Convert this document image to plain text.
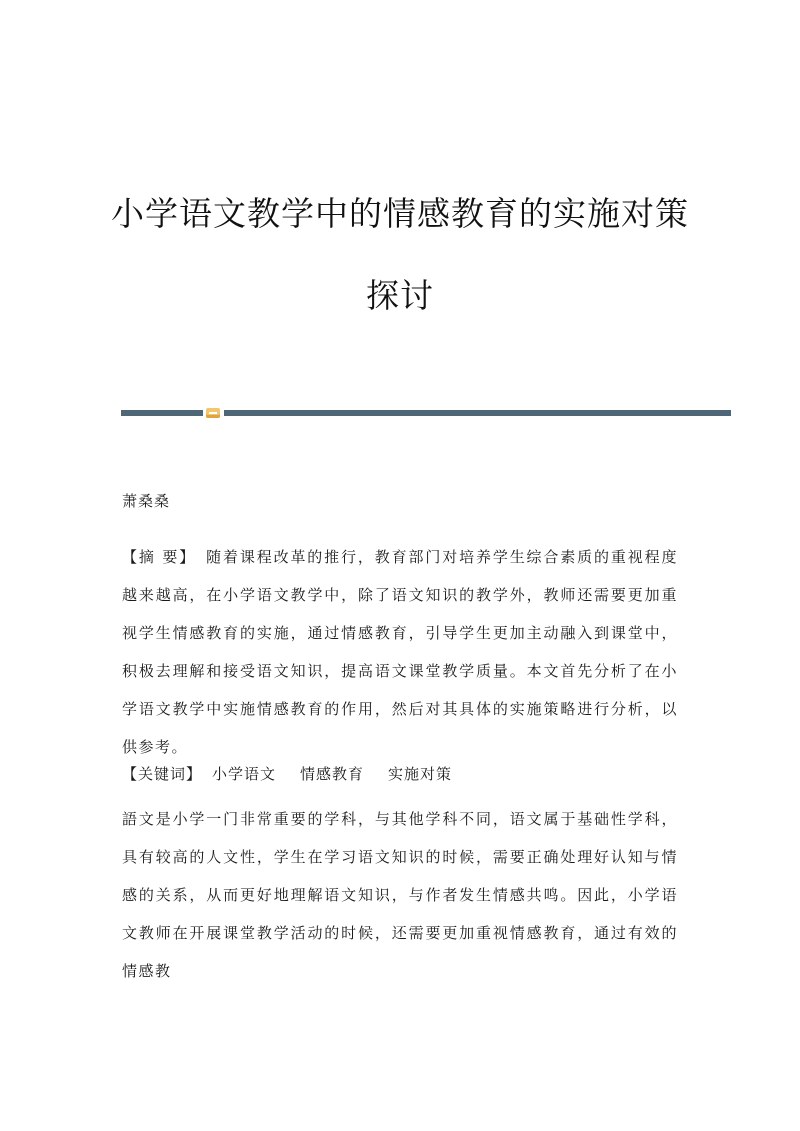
小学语文教学中的情感教育的实施对策
探讨

萧桑桑

【摘 要】 随着课程改革的推行，教育部门对培养学生综合素质的重视程度越来越高，在小学语文教学中，除了语文知识的教学外，教师还需要更加重视学生情感教育的实施，通过情感教育，引导学生更加主动融入到课堂中，积极去理解和接受语文知识，提高语文课堂教学质量。本文首先分析了在小学语文教学中实施情感教育的作用，然后对其具体的实施策略进行分析，以供参考。

【关键词】 小学语文 情感教育 实施对策

語文是小学一门非常重要的学科，与其他学科不同，语文属于基础性学科，具有较高的人文性，学生在学习语文知识的时候，需要正确处理好认知与情感的关系，从而更好地理解语文知识，与作者发生情感共鸣。因此，小学语文教师在开展课堂教学活动的时候，还需要更加重视情感教育，通过有效的情感教
